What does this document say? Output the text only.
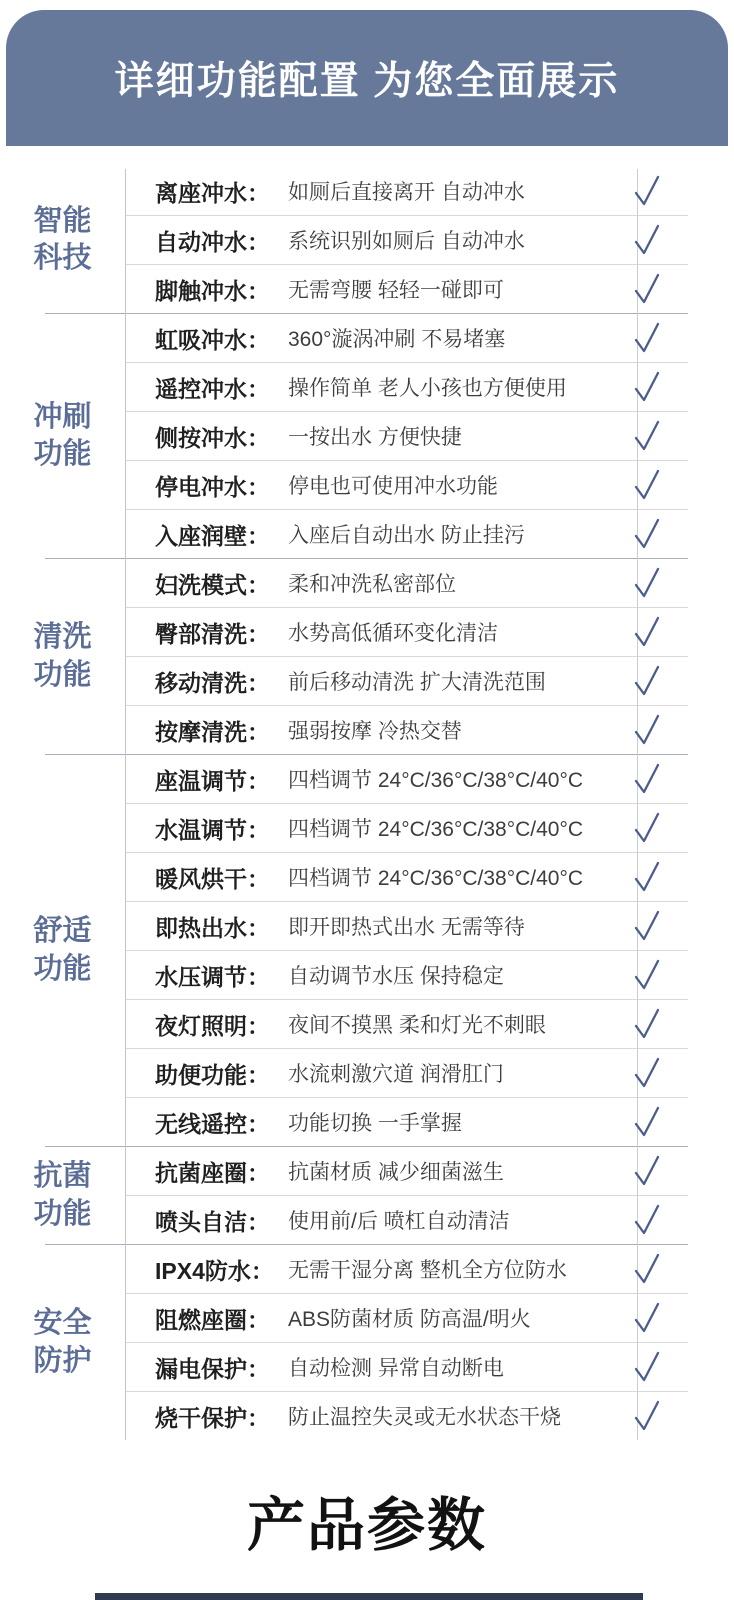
详细功能配置 为您全面展示
智能科技
离座冲水： 如厕后直接离开 自动冲水
自动冲水： 系统识别如厕后 自动冲水
脚触冲水： 无需弯腰 轻轻一碰即可
冲刷功能
虹吸冲水： 360°漩涡冲刷 不易堵塞
遥控冲水： 操作简单 老人小孩也方便使用
侧按冲水： 一按出水 方便快捷
停电冲水： 停电也可使用冲水功能
入座润壁： 入座后自动出水 防止挂污
清洗功能
妇洗模式： 柔和冲洗私密部位
臀部清洗： 水势高低循环变化清洁
移动清洗： 前后移动清洗 扩大清洗范围
按摩清洗： 强弱按摩 冷热交替
舒适功能
座温调节： 四档调节 24°C/36°C/38°C/40°C
水温调节： 四档调节 24°C/36°C/38°C/40°C
暖风烘干： 四档调节 24°C/36°C/38°C/40°C
即热出水： 即开即热式出水 无需等待
水压调节： 自动调节水压 保持稳定
夜灯照明： 夜间不摸黑 柔和灯光不刺眼
助便功能： 水流刺激穴道 润滑肛门
无线遥控： 功能切换 一手掌握
抗菌功能
抗菌座圈： 抗菌材质 减少细菌滋生
喷头自洁： 使用前/后 喷杠自动清洁
安全防护
IPX4防水： 无需干湿分离 整机全方位防水
阻燃座圈： ABS防菌材质 防高温/明火
漏电保护： 自动检测 异常自动断电
烧干保护： 防止温控失灵或无水状态干烧
产品参数
